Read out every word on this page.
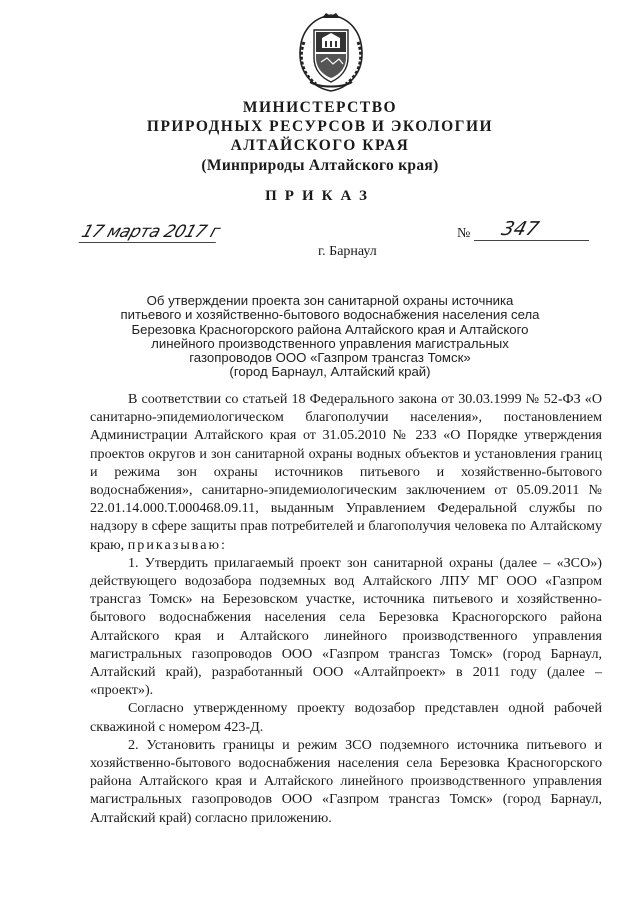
МИНИСТЕРСТВО
ПРИРОДНЫХ РЕСУРСОВ И ЭКОЛОГИИ
АЛТАЙСКОГО КРАЯ
(Минприроды Алтайского края)
ПРИКАЗ
17 марта 2017 г	№ 347
г. Барнаул
Об утверждении проекта зон санитарной охраны источника
питьевого и хозяйственно-бытового водоснабжения населения села
Березовка Красногорского района Алтайского края и Алтайского
линейного производственного управления магистральных
газопроводов ООО «Газпром трансгаз Томск»
(город Барнаул, Алтайский край)

В соответствии со статьей 18 Федерального закона от 30.03.1999 № 52-ФЗ «О санитарно-эпидемиологическом благополучии населения», постановлением Администрации Алтайского края от 31.05.2010 № 233 «О Порядке утверждения проектов округов и зон санитарной охраны водных объектов и установления границ и режима зон охраны источников питьевого и хозяйственно-бытового водоснабжения», санитарно-эпидемиологическим заключением от 05.09.2011 № 22.01.14.000.Т.000468.09.11, выданным Управлением Федеральной службы по надзору в сфере защиты прав потребителей и благополучия человека по Алтайскому краю, приказываю:

1. Утвердить прилагаемый проект зон санитарной охраны (далее – «ЗСО») действующего водозабора подземных вод Алтайского ЛПУ МГ ООО «Газпром трансгаз Томск» на Березовском участке, источника питьевого и хозяйственно-бытового водоснабжения населения села Березовка Красногорского района Алтайского края и Алтайского линейного производственного управления магистральных газопроводов ООО «Газпром трансгаз Томск» (город Барнаул, Алтайский край), разработанный ООО «Алтайпроект» в 2011 году (далее – «проект»).

Согласно утвержденному проекту водозабор представлен одной рабочей скважиной с номером 423-Д.

2. Установить границы и режим ЗСО подземного источника питьевого и хозяйственно-бытового водоснабжения населения села Березовка Красногорского района Алтайского края и Алтайского линейного производственного управления магистральных газопроводов ООО «Газпром трансгаз Томск» (город Барнаул, Алтайский край) согласно приложению.
